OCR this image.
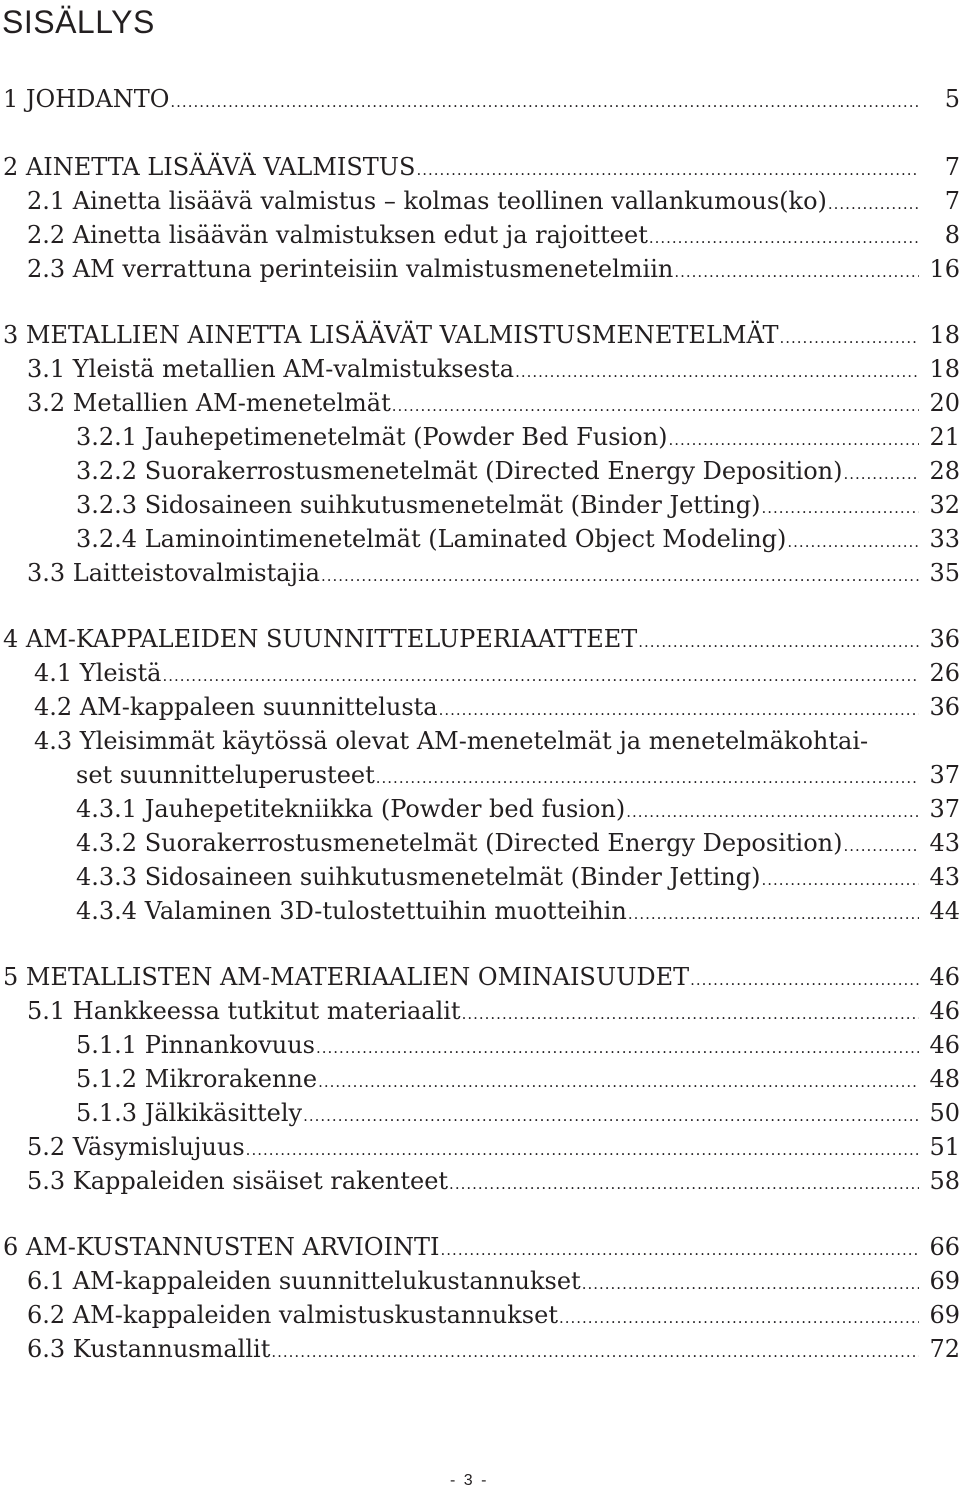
SISÄLLYS
1 JOHDANTO .....	5
2 AINETTA LISÄÄVÄ VALMISTUS .....	7
2.1 Ainetta lisäävä valmistus – kolmas teollinen vallankumous(ko) .....	7
2.2 Ainetta lisäävän valmistuksen edut ja rajoitteet .....	8
2.3 AM verrattuna perinteisiin valmistusmenetelmiin .....	16
3 METALLIEN AINETTA LISÄÄVÄT VALMISTUSMENETELMÄT .....	18
3.1 Yleistä metallien AM-valmistuksesta .....	18
3.2 Metallien AM-menetelmät .....	20
3.2.1 Jauhepetimenetelmät (Powder Bed Fusion) .....	21
3.2.2 Suorakerrostusmenetelmät (Directed Energy Deposition) .....	28
3.2.3 Sidosaineen suihkutusmenetelmät (Binder Jetting) .....	32
3.2.4 Laminointimenetelmät (Laminated Object Modeling) .....	33
3.3 Laitteistovalmistajia .....	35
4 AM-KAPPALEIDEN SUUNNITTELUPERIAATTEET .....	36
4.1 Yleistä .....	26
4.2 AM-kappaleen suunnittelusta .....	36
4.3 Yleisimmät käytössä olevat AM-menetelmät ja menetelmäkohtai-
set suunnitteluperusteet .....	37
4.3.1 Jauhepetitekniikka (Powder bed fusion) .....	37
4.3.2 Suorakerrostusmenetelmät (Directed Energy Deposition) .....	43
4.3.3 Sidosaineen suihkutusmenetelmät (Binder Jetting) .....	43
4.3.4 Valaminen 3D-tulostettuihin muotteihin .....	44
5 METALLISTEN AM-MATERIAALIEN OMINAISUUDET .....	46
5.1 Hankkeessa tutkitut materiaalit .....	46
5.1.1 Pinnankovuus .....	46
5.1.2 Mikrorakenne .....	48
5.1.3 Jälkikäsittely .....	50
5.2 Väsymislujuus .....	51
5.3 Kappaleiden sisäiset rakenteet .....	58
6 AM-KUSTANNUSTEN ARVIOINTI .....	66
6.1 AM-kappaleiden suunnittelukustannukset .....	69
6.2 AM-kappaleiden valmistuskustannukset .....	69
6.3 Kustannusmallit .....	72
- 3 -
